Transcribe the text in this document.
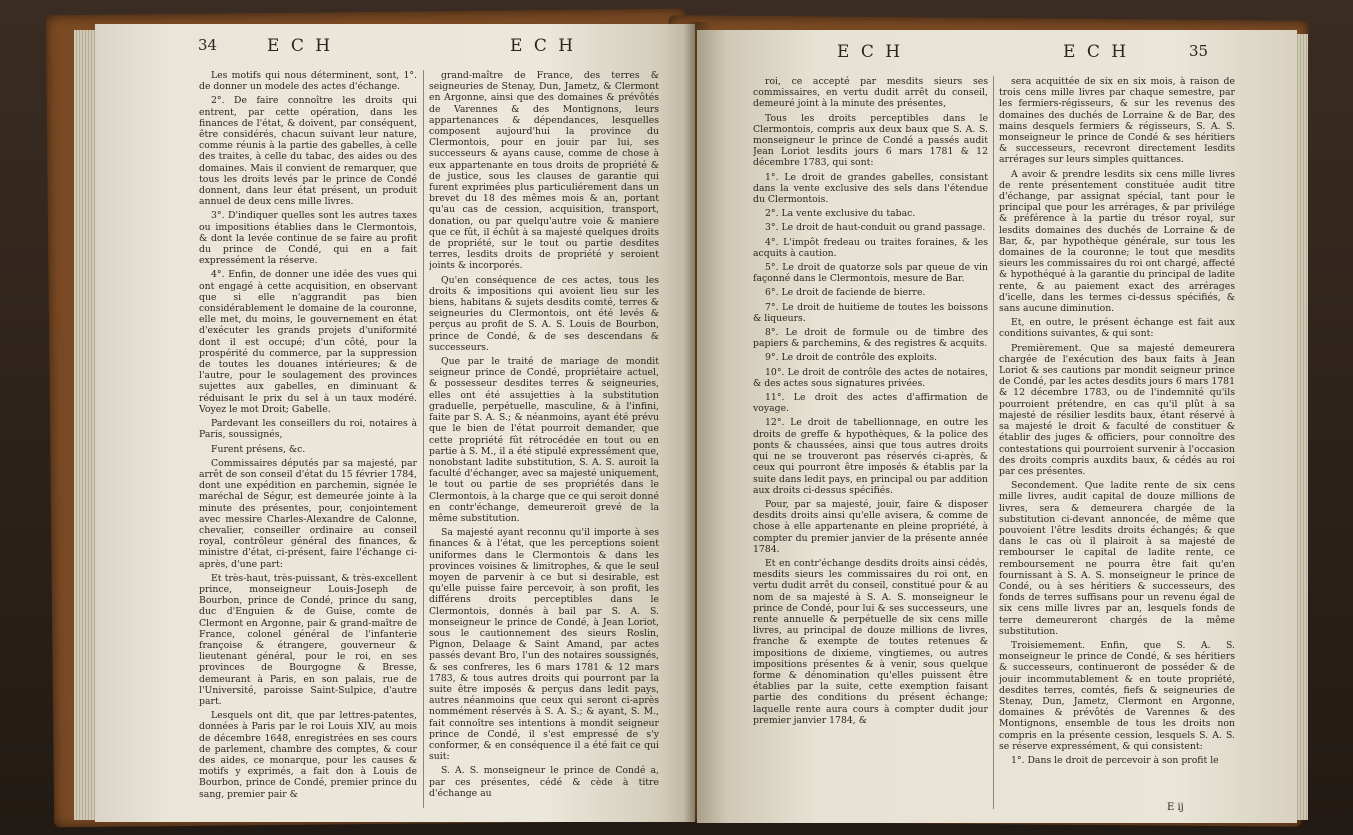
34	E C H	E C H

Les motifs qui nous déterminent, sont, 1°. de donner un modele des actes d'échange.

2°. De faire connoître les droits qui entrent, par cette opération, dans les finances de l'état, & doivent, par conséquent, être considérés, chacun suivant leur nature, comme réunis à la partie des gabelles, à celle des traites, à celle du tabac, des aides ou des domaines. Mais il convient de remarquer, que tous les droits levés par le prince de Condé donnent, dans leur état présent, un produit annuel de deux cens mille livres.

3°. D'indiquer quelles sont les autres taxes ou impositions établies dans le Clermontois, & dont la levée continue de se faire au profit du prince de Condé, qui en a fait expressément la réserve.

4°. Enfin, de donner une idée des vues qui ont engagé à cette acquisition, en observant que si elle n'aggrandit pas bien considérablement le domaine de la couronne, elle met, du moins, le gouvernement en état d'exécuter les grands projets d'uniformité dont il est occupé; d'un côté, pour la prospérité du commerce, par la suppression de toutes les douanes intérieures; & de l'autre, pour le soulagement des provinces sujettes aux gabelles, en diminuant & réduisant le prix du sel à un taux modéré. Voyez le mot Droit; Gabelle.

Pardevant les conseillers du roi, notaires à Paris, soussignés,

Furent présens, &c.

Commissaires députés par sa majesté, par arrêt de son conseil d'état du 15 février 1784, dont une expédition en parchemin, signée le maréchal de Ségur, est demeurée jointe à la minute des présentes, pour, conjointement avec messire Charles-Alexandre de Calonne, chevalier, conseiller ordinaire au conseil royal, contrôleur général des finances, & ministre d'état, ci-présent, faire l'échange ci-après, d'une part:

Et très-haut, très-puissant, & très-excellent prince, monseigneur Louis-Joseph de Bourbon, prince de Condé, prince du sang, duc d'Enguien & de Guise, comte de Clermont en Argonne, pair & grand-maître de France, colonel général de l'infanterie françoise & étrangere, gouverneur & lieutenant général, pour le roi, en ses provinces de Bourgogne & Bresse, demeurant à Paris, en son palais, rue de l'Université, paroisse Saint-Sulpice, d'autre part.

Lesquels ont dit, que par lettres-patentes, données à Paris par le roi Louis XIV, au mois de décembre 1648, enregistrées en ses cours de parlement, chambre des comptes, & cour des aides, ce monarque, pour les causes & motifs y exprimés, a fait don à Louis de Bourbon, prince de Condé, premier prince du sang, premier pair &

grand-maître de France, des terres & seigneuries de Stenay, Dun, Jametz, & Clermont en Argonne, ainsi que des domaines & prévôtés de Varennes & des Montignons, leurs appartenances & dépendances, lesquelles composent aujourd'hui la province du Clermontois, pour en jouir par lui, ses successeurs & ayans cause, comme de chose à eux appartenante en tous droits de propriété & de justice, sous les clauses de garantie qui furent exprimées plus particuliérement dans un brevet du 18 des mêmes mois & an, portant qu'au cas de cession, acquisition, transport, donation, ou par quelqu'autre voie & maniere que ce fût, il échût à sa majesté quelques droits de propriété, sur le tout ou partie desdites terres, lesdits droits de propriété y seroient joints & incorporés.

Qu'en conséquence de ces actes, tous les droits & impositions qui avoient lieu sur les biens, habitans & sujets desdits comté, terres & seigneuries du Clermontois, ont été levés & perçus au profit de S. A. S. Louis de Bourbon, prince de Condé, & de ses descendans & successeurs.

Que par le traité de mariage de mondit seigneur prince de Condé, propriétaire actuel, & possesseur desdites terres & seigneuries, elles ont été assujetties à la substitution graduelle, perpétuelle, masculine, & à l'infini, faite par S. A. S.; & néanmoins, ayant été prévu que le bien de l'état pourroit demander, que cette propriété fût rétrocédée en tout ou en partie à S. M., il a été stipulé expressément que, nonobstant ladite substitution, S. A. S. auroit la faculté d'échanger, avec sa majesté uniquement, le tout ou partie de ses propriétés dans le Clermontois, à la charge que ce qui seroit donné en contr'échange, demeureroit grevé de la même substitution.

Sa majesté ayant reconnu qu'il importe à ses finances & à l'état, que les perceptions soient uniformes dans le Clermontois & dans les provinces voisines & limitrophes, & que le seul moyen de parvenir à ce but si desirable, est qu'elle puisse faire percevoir, à son profit, les différens droits perceptibles dans le Clermontois, donnés à bail par S. A. S. monseigneur le prince de Condé, à Jean Loriot, sous le cautionnement des sieurs Roslin, Pignon, Delaage & Saint Amand, par actes passés devant Bro, l'un des notaires soussignés, & ses confreres, les 6 mars 1781 & 12 mars 1783, & tous autres droits qui pourront par la suite être imposés & perçus dans ledit pays, autres néanmoins que ceux qui seront ci-après nommément réservés à S. A. S.; & ayant, S. M., fait connoître ses intentions à mondit seigneur prince de Condé, il s'est empressé de s'y conformer, & en conséquence il a été fait ce qui suit:

S. A. S. monseigneur le prince de Condé a, par ces présentes, cédé & cède à titre d'échange au

E C H	E C H	35

roi, ce accepté par mesdits sieurs ses commissaires, en vertu dudit arrêt du conseil, demeuré joint à la minute des présentes,

Tous les droits perceptibles dans le Clermontois, compris aux deux baux que S. A. S. monseigneur le prince de Condé a passés audit Jean Loriot lesdits jours 6 mars 1781 & 12 décembre 1783, qui sont:

1°. Le droit de grandes gabelles, consistant dans la vente exclusive des sels dans l'étendue du Clermontois.

2°. La vente exclusive du tabac.

3°. Le droit de haut-conduit ou grand passage.

4°. L'impôt fredeau ou traites foraines, & les acquits à caution.

5°. Le droit de quatorze sols par queue de vin façonné dans le Clermontois, mesure de Bar.

6°. Le droit de faciende de bierre.

7°. Le droit de huitieme de toutes les boissons & liqueurs.

8°. Le droit de formule ou de timbre des papiers & parchemins, & des registres & acquits.

9°. Le droit de contrôle des exploits.

10°. Le droit de contrôle des actes de notaires, & des actes sous signatures privées.

11°. Le droit des actes d'affirmation de voyage.

12°. Le droit de tabellionnage, en outre les droits de greffe & hypothèques, & la police des ponts & chaussées, ainsi que tous autres droits qui ne se trouveront pas réservés ci-après, & ceux qui pourront être imposés & établis par la suite dans ledit pays, en principal ou par addition aux droits ci-dessus spécifiés.

Pour, par sa majesté, jouir, faire & disposer desdits droits ainsi qu'elle avisera, & comme de chose à elle appartenante en pleine propriété, à compter du premier janvier de la présente année 1784.

Et en contr'échange desdits droits ainsi cédés, mesdits sieurs les commissaires du roi ont, en vertu dudit arrêt du conseil, constitué pour & au nom de sa majesté à S. A. S. monseigneur le prince de Condé, pour lui & ses successeurs, une rente annuelle & perpétuelle de six cens mille livres, au principal de douze millions de livres, franche & exempte de toutes retenues & impositions de dixieme, vingtiemes, ou autres impositions présentes & à venir, sous quelque forme & dénomination qu'elles puissent être établies par la suite, cette exemption faisant partie des conditions du présent échange; laquelle rente aura cours à compter dudit jour premier janvier 1784, &

sera acquittée de six en six mois, à raison de trois cens mille livres par chaque semestre, par les fermiers-régisseurs, & sur les revenus des domaines des duchés de Lorraine & de Bar, des mains desquels fermiers & régisseurs, S. A. S. monseigneur le prince de Condé & ses héritiers & successeurs, recevront directement lesdits arrérages sur leurs simples quittances.

A avoir & prendre lesdits six cens mille livres de rente présentement constituée audit titre d'échange, par assignat spécial, tant pour le principal que pour les arrérages, & par privilége & préférence à la partie du trésor royal, sur lesdits domaines des duchés de Lorraine & de Bar, &, par hypothèque générale, sur tous les domaines de la couronne; le tout que mesdits sieurs les commissaires du roi ont chargé, affecté & hypothéqué à la garantie du principal de ladite rente, & au paiement exact des arrérages d'icelle, dans les termes ci-dessus spécifiés, & sans aucune diminution.

Et, en outre, le présent échange est fait aux conditions suivantes, & qui sont:

Premièrement. Que sa majesté demeurera chargée de l'exécution des baux faits à Jean Loriot & ses cautions par mondit seigneur prince de Condé, par les actes desdits jours 6 mars 1781 & 12 décembre 1783, ou de l'indemnité qu'ils pourroient prétendre, en cas qu'il plût à sa majesté de résilier lesdits baux, étant réservé à sa majesté le droit & faculté de constituer & établir des juges & officiers, pour connoître des contestations qui pourroient survenir à l'occasion des droits compris auxdits baux, & cédés au roi par ces présentes.

Secondement. Que ladite rente de six cens mille livres, audit capital de douze millions de livres, sera & demeurera chargée de la substitution ci-devant annoncée, de même que pouvoient l'être lesdits droits échangés; & que dans le cas où il plairoit à sa majesté de rembourser le capital de ladite rente, ce remboursement ne pourra être fait qu'en fournissant à S. A. S. monseigneur le prince de Condé, ou à ses héritiers & successeurs, des fonds de terres suffisans pour un revenu égal de six cens mille livres par an, lesquels fonds de terre demeureront chargés de la même substitution.

Troisiemement. Enfin, que S. A. S. monseigneur le prince de Condé, & ses héritiers & successeurs, continueront de posséder & de jouir incommutablement & en toute propriété, desdites terres, comtés, fiefs & seigneuries de Stenay, Dun, Jametz, Clermont en Argonne, domaines & prévôtés de Varennes & des Montignons, ensemble de tous les droits non compris en la présente cession, lesquels S. A. S. se réserve expressément, & qui consistent:

1°. Dans le droit de percevoir à son profit le

E ij
